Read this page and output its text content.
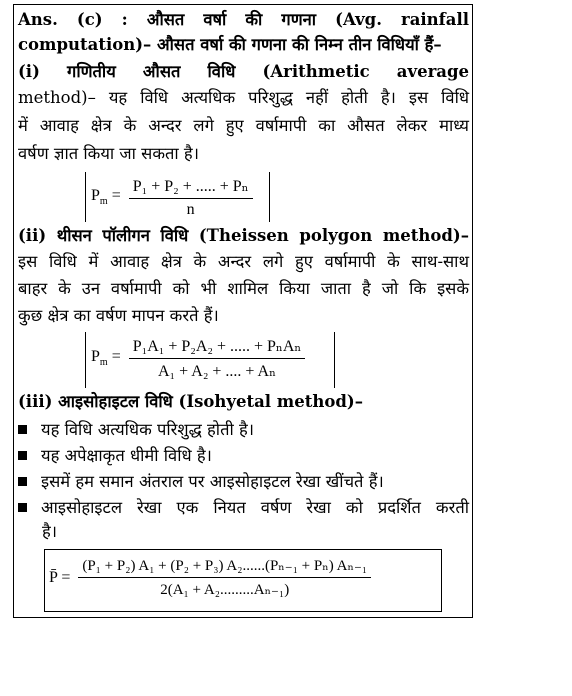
Ans. (c) : औसत वर्षा की गणना (Avg. rainfall
computation)– औसत वर्षा की गणना की निम्न तीन विधियाँ हैं–
(i) गणितीय औसत विधि (Arithmetic average
method)– यह विधि अत्यधिक परिशुद्ध नहीं होती है। इस विधि
में आवाह क्षेत्र के अन्दर लगे हुए वर्षामापी का औसत लेकर माध्य
वर्षण ज्ञात किया जा सकता है।
$P_m = \frac{\text{P₁ + P₂ + ..... + Pₙ}}{n}$
(ii) थीसन पॉलीगन विधि (Theissen polygon method)–
इस विधि में आवाह क्षेत्र के अन्दर लगे हुए वर्षामापी के साथ-साथ
बाहर के उन वर्षामापी को भी शामिल किया जाता है जो कि इसके
कुछ क्षेत्र का वर्षण मापन करते हैं।
$P_m = \frac{\text{P₁A₁ + P₂A₂ + ..... + PₙAₙ}}{\text{A₁ + A₂ + .... + Aₙ}}$
(iii) आइसोहाइटल विधि (Isohyetal method)–
यह विधि अत्यधिक परिशुद्ध होती है।
यह अपेक्षाकृत धीमी विधि है।
इसमें हम समान अंतराल पर आइसोहाइटल रेखा खींचते हैं।
आइसोहाइटल रेखा एक नियत वर्षण रेखा को प्रदर्शित करती
है।
P̄ = $\frac{\text{(P₁ + P₂) A₁ + (P₂ + P₃) A₂......(Pₙ₋₁ + Pₙ) Aₙ₋₁}}{\text{2(A₁ + A₂.........Aₙ₋₁)}}$
